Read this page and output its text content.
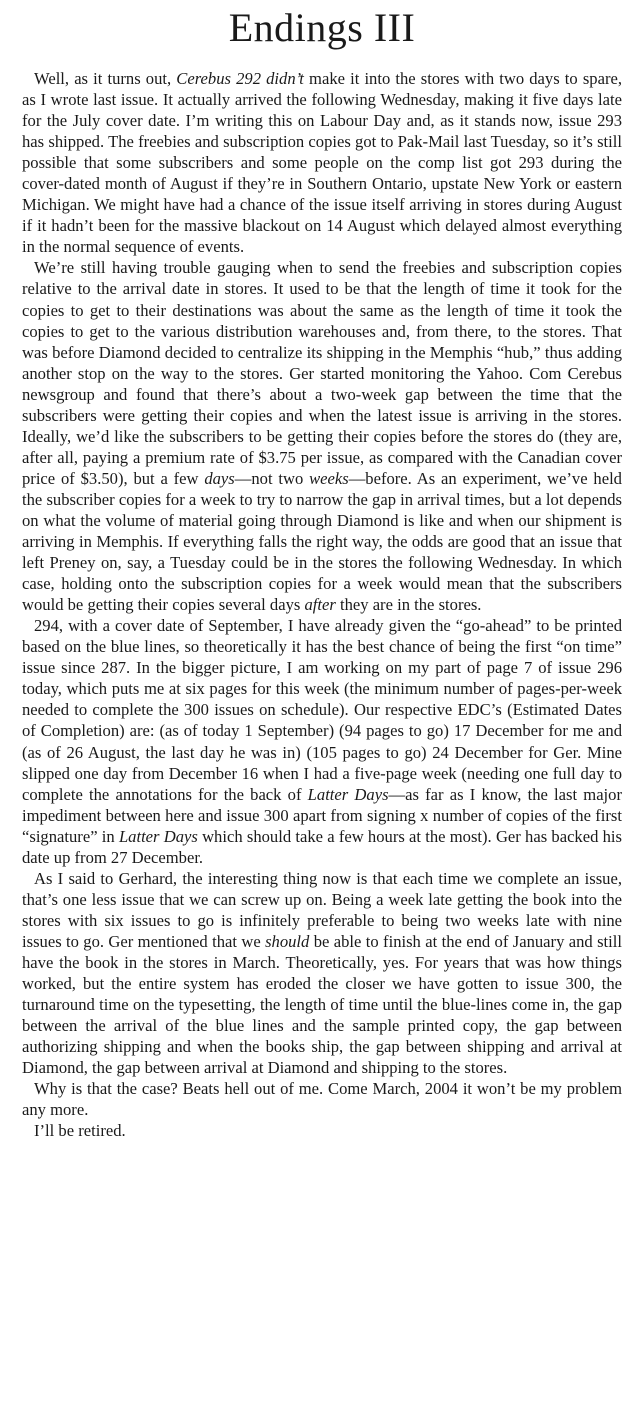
Endings III

Well, as it turns out, Cerebus 292 didn’t make it into the stores with two days to spare, as I wrote last issue. It actually arrived the following Wednesday, making it five days late for the July cover date. I’m writing this on Labour Day and, as it stands now, issue 293 has shipped. The freebies and subscription copies got to Pak-Mail last Tuesday, so it’s still possible that some subscribers and some people on the comp list got 293 during the cover-dated month of August if they’re in Southern Ontario, upstate New York or eastern Michigan. We might have had a chance of the issue itself arriving in stores during August if it hadn’t been for the massive blackout on 14 August which delayed almost everything in the normal sequence of events.

We’re still having trouble gauging when to send the freebies and subscription copies relative to the arrival date in stores. It used to be that the length of time it took for the copies to get to their destinations was about the same as the length of time it took the copies to get to the various distribution warehouses and, from there, to the stores. That was before Diamond decided to centralize its shipping in the Memphis “hub,” thus adding another stop on the way to the stores. Ger started monitoring the Yahoo. Com Cerebus newsgroup and found that there’s about a two-week gap between the time that the subscribers were getting their copies and when the latest issue is arriving in the stores. Ideally, we’d like the subscribers to be getting their copies before the stores do (they are, after all, paying a premium rate of $3.75 per issue, as compared with the Canadian cover price of $3.50), but a few days—not two weeks—before. As an experiment, we’ve held the subscriber copies for a week to try to narrow the gap in arrival times, but a lot depends on what the volume of material going through Diamond is like and when our shipment is arriving in Memphis. If everything falls the right way, the odds are good that an issue that left Preney on, say, a Tuesday could be in the stores the following Wednesday. In which case, holding onto the subscription copies for a week would mean that the subscribers would be getting their copies several days after they are in the stores.

294, with a cover date of September, I have already given the “go-ahead” to be printed based on the blue lines, so theoretically it has the best chance of being the first “on time” issue since 287. In the bigger picture, I am working on my part of page 7 of issue 296 today, which puts me at six pages for this week (the minimum number of pages-per-week needed to complete the 300 issues on schedule). Our respective EDC’s (Estimated Dates of Completion) are: (as of today 1 September) (94 pages to go) 17 December for me and (as of 26 August, the last day he was in) (105 pages to go) 24 December for Ger. Mine slipped one day from December 16 when I had a five-page week (needing one full day to complete the annotations for the back of Latter Days—as far as I know, the last major impediment between here and issue 300 apart from signing x number of copies of the first “signature” in Latter Days which should take a few hours at the most). Ger has backed his date up from 27 December.

As I said to Gerhard, the interesting thing now is that each time we complete an issue, that’s one less issue that we can screw up on. Being a week late getting the book into the stores with six issues to go is infinitely preferable to being two weeks late with nine issues to go. Ger mentioned that we should be able to finish at the end of January and still have the book in the stores in March. Theoretically, yes. For years that was how things worked, but the entire system has eroded the closer we have gotten to issue 300, the turnaround time on the typesetting, the length of time until the blue-lines come in, the gap between the arrival of the blue lines and the sample printed copy, the gap between authorizing shipping and when the books ship, the gap between shipping and arrival at Diamond, the gap between arrival at Diamond and shipping to the stores.

Why is that the case? Beats hell out of me. Come March, 2004 it won’t be my problem any more.

I’ll be retired.
